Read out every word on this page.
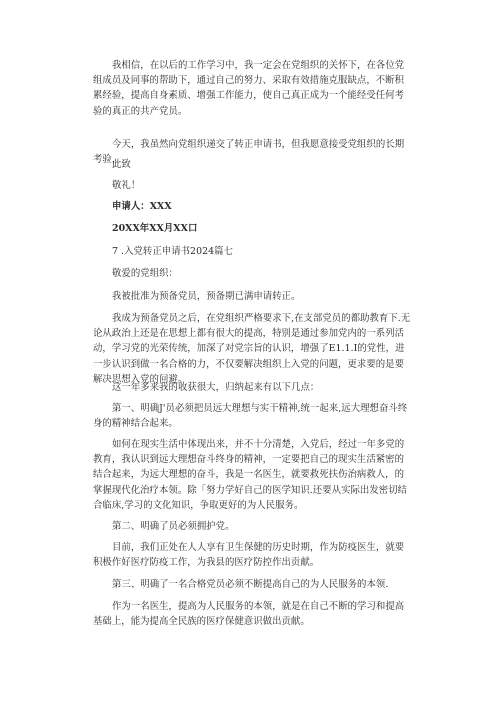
我相信，在以后的工作学习中，我一定会在党组织的关怀下，在各位党组成员及同事的帮助下，通过自己的努力、采取有效措施克服缺点，不断积累经验，提高自身素质、增强工作能力，使自己真正成为一个能经受任何考验的真正的共产党员。

今天，我虽然向党组织递交了转正申请书，但我愿意接受党组织的长期考验，

此致

敬礼！

申请人：XXX

20XX年XX月XX口

7 .入党转正申请书2024篇七

敬爱的党组织：

我被批准为预备党员，预备期已满申请转正。

我成为预备党员之后，在党组织严格要求下,在支部党员的都助教育下.无论从政治上还是在思想上都有很大的提高，特别是通过参加党内的一系列活动，学习党的光荣传统，加深了对党宗旨的认识，增强了E1.1.I的党性，进一步认识到做一名合格的力，不仅要解决组织上入党的问题，更求要的是要解决思想入党的问避。

这一年多来我的收获很大，归纳起来有以下几点：

第一、明确J'员必须把员远大理想与实干精神,统一起来,远大理想奋斗终身的精神结合起来。

如何在现实生活中体现出来，并不十分清楚，入党后，经过一年多党的教育，我认识到远大理想奋斗终身的精神，一定要把自己的现实生活紧密的结合起来，为远大理想的奋斗，我是一名医生，就要救死扶伤治病救人，的掌握现代化治疗本领。除「努力学好自己的医学知识.还要从实际出发密切结合临床,学习的文化知识，争取更好的为人民服务。

第二、明确了员必须拥护党。

目前，我们正处在人人享有卫生保健的历史时期，作为防疫医生，就要积极作好医疗防疫工作，为我县的医疗防控作出贡献。

第三、明确了一名合格党员必须不断提高自己的为人民服务的本领.

作为一名医生，提高为人民服务的本领，就是在自己不断的学习和提高基础上，能为提高全民族的医疗保健意识做出贡献。
